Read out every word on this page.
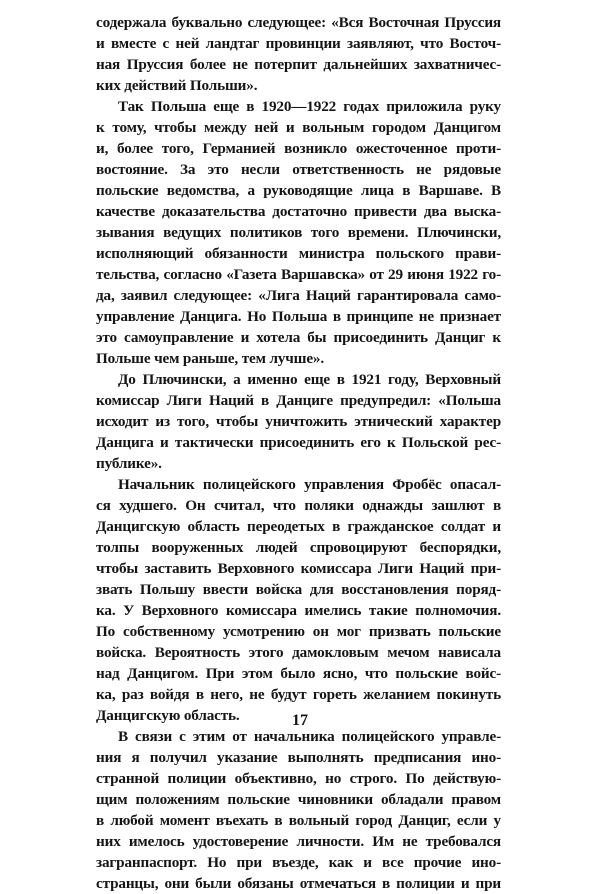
содержала буквально следующее: «Вся Восточная Пруссия
и вместе с ней ландтаг провинции заявляют, что Восточ-
ная Пруссия более не потерпит дальнейших захватничес-
ких действий Польши».
Так Польша еще в 1920—1922 годах приложила руку
к тому, чтобы между ней и вольным городом Данцигом
и, более того, Германией возникло ожесточенное проти-
востояние. За это несли ответственность не рядовые
польские ведомства, а руководящие лица в Варшаве. В
качестве доказательства достаточно привести два выска-
зывания ведущих политиков того времени. Плючински,
исполняющий обязанности министра польского прави-
тельства, согласно «Газета Варшавска» от 29 июня 1922 го-
да, заявил следующее: «Лига Наций гарантировала само-
управление Данцига. Но Польша в принципе не признает
это самоуправление и хотела бы присоединить Данциг к
Польше чем раньше, тем лучше».
До Плючински, а именно еще в 1921 году, Верховный
комиссар Лиги Наций в Данциге предупредил: «Польша
исходит из того, чтобы уничтожить этнический характер
Данцига и тактически присоединить его к Польской рес-
публике».
Начальник полицейского управления Фробёс опасал-
ся худшего. Он считал, что поляки однажды зашлют в
Данцигскую область переодетых в гражданское солдат и
толпы вооруженных людей спровоцируют беспорядки,
чтобы заставить Верховного комиссара Лиги Наций при-
звать Польшу ввести войска для восстановления поряд-
ка. У Верховного комиссара имелись такие полномочия.
По собственному усмотрению он мог призвать польские
войска. Вероятность этого дамокловым мечом нависала
над Данцигом. При этом было ясно, что польские войс-
ка, раз войдя в него, не будут гореть желанием покинуть
Данцигскую область.
В связи с этим от начальника полицейского управле-
ния я получил указание выполнять предписания ино-
странной полиции объективно, но строго. По действую-
щим положениям польские чиновники обладали правом
в любой момент въехать в вольный город Данциг, если у
них имелось удостоверение личности. Им не требовался
загранпаспорт. Но при въезде, как и все прочие ино-
странцы, они были обязаны отмечаться в полиции и при
17
